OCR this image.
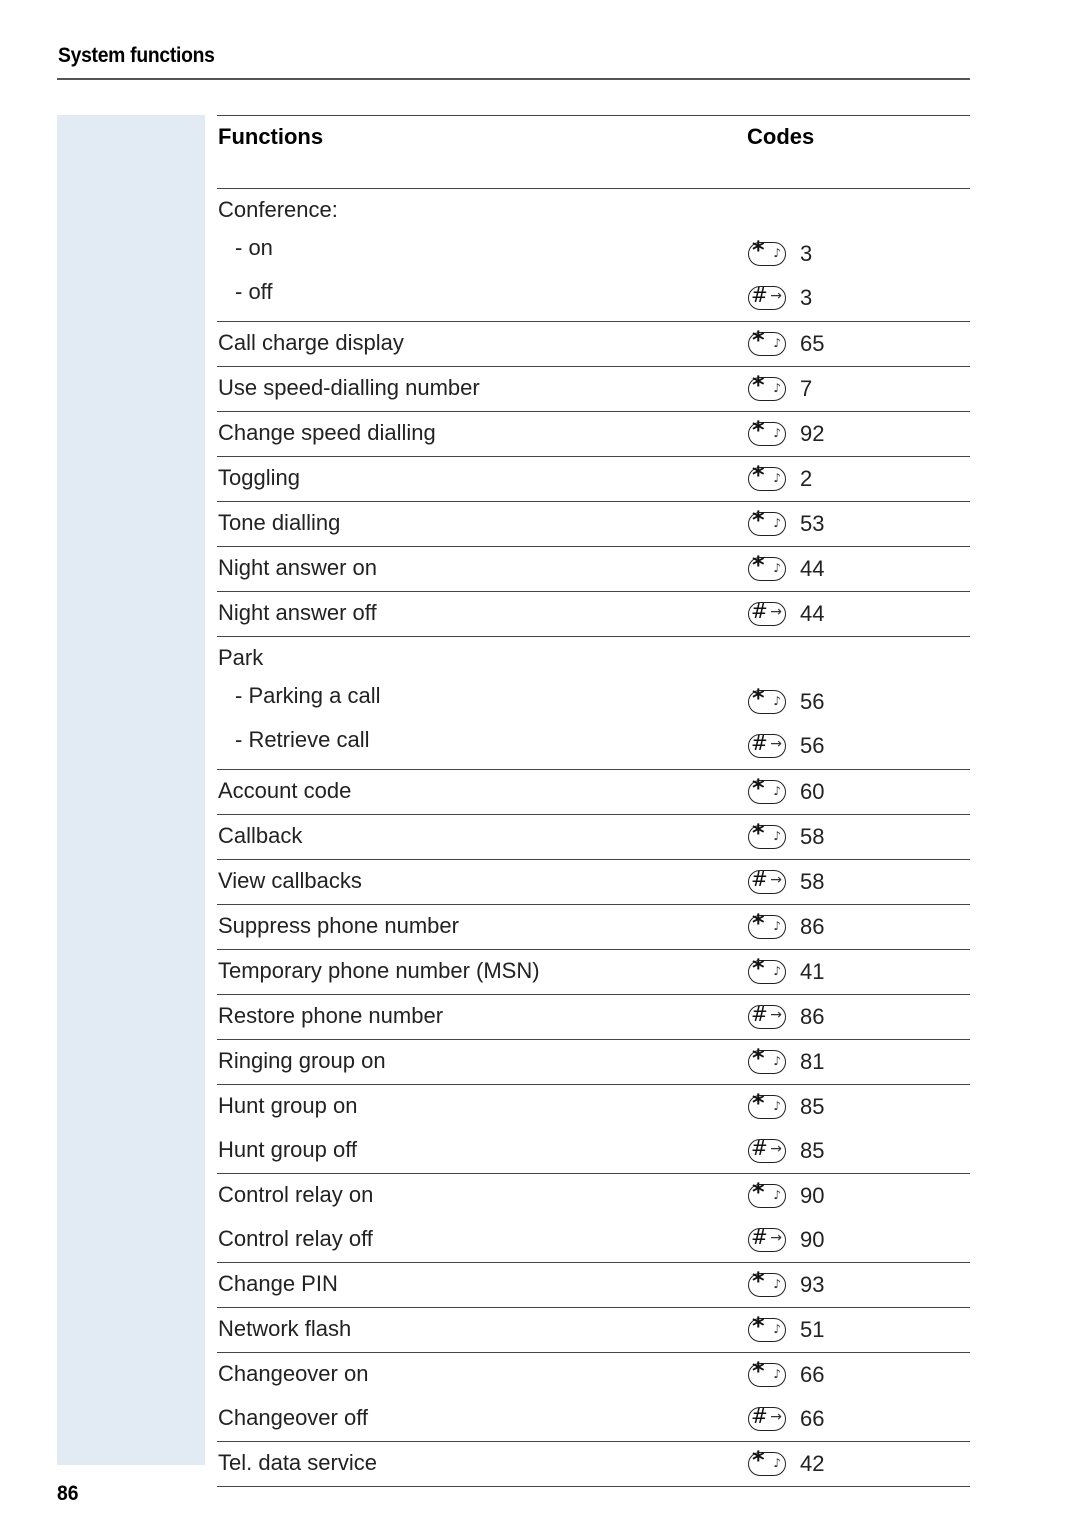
System functions
Functions	Codes
Conference:
- on	* ♪ 3
- off	# → 3
Call charge display	* ♪ 65
Use speed-dialling number	* ♪ 7
Change speed dialling	* ♪ 92
Toggling	* ♪ 2
Tone dialling	* ♪ 53
Night answer on	* ♪ 44
Night answer off	# → 44
Park
- Parking a call	* ♪ 56
- Retrieve call	# → 56
Account code	* ♪ 60
Callback	* ♪ 58
View callbacks	# → 58
Suppress phone number	* ♪ 86
Temporary phone number (MSN)	* ♪ 41
Restore phone number	# → 86
Ringing group on	* ♪ 81
Hunt group on	* ♪ 85
Hunt group off	# → 85
Control relay on	* ♪ 90
Control relay off	# → 90
Change PIN	* ♪ 93
Network flash	* ♪ 51
Changeover on	* ♪ 66
Changeover off	# → 66
Tel. data service	* ♪ 42
86
